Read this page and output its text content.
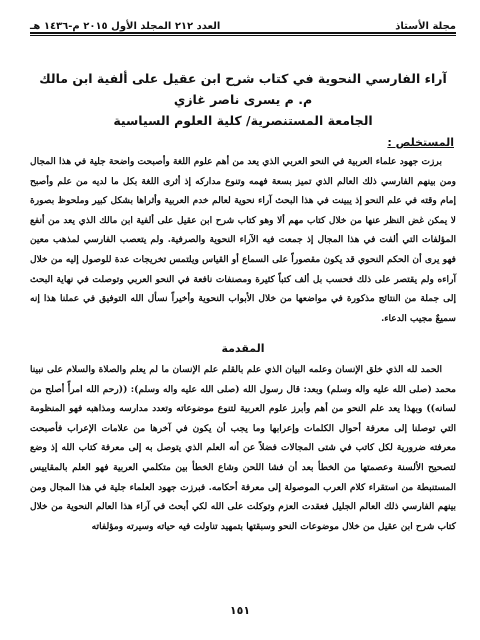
مجلة الأستاذ
العدد ٢١٢ المجلد الأول ٢٠١٥ م-١٤٣٦ هـ

آراء الفارسي النحوية في كتاب شرح ابن عقيل على ألفية ابن مالك

م. م يسرى ناصر غازي

الجامعة المستنصرية/ كلية العلوم السياسية

المستخلص :

برزت جهود علماء العربية في النحو العربي الذي يعد من أهم علوم اللغة وأصبحت واضحة جلية في هذا المجال ومن بينهم الفارسي ذلك العالم الذي تميز بسعة فهمه وتنوع مداركه إذ أثرى اللغة بكل ما لديه من علم وأصبح إمام وقته في علم النحو إذ يبينت في هذا البحث آراء نحوية لعالم خدم العربية وأثراها بشكل كبير وملحوظ بصورة لا يمكن غض النظر عنها من خلال كتاب مهم ألا وهو كتاب شرح ابن عقيل على ألفية ابن مالك الذي يعد من أنفع المؤلفات التي ألفت في هذا المجال إذ جمعت فيه الآراء النحوية والصرفية. ولم يتعصب الفارسي لمذهب معين فهو يرى أن الحكم النحوي قد يكون مقصوراً على السماع أو القياس ويلتمس تخريجات عدة للوصول إليه من خلال آراءه ولم يقتصر على ذلك فحسب بل ألف كتباً كثيرة ومصنفات نافعة في النحو العربي وتوصلت في نهاية البحث إلى جملة من النتائج مذكورة في مواضعها من خلال الأبواب النحوية وأخيراً نسأل الله التوفيق في عملنا هذا إنه سميعٌ مجيب الدعاء.

المقدمة

الحمد لله الذي خلق الإنسان وعلمه البيان الذي علم بالقلم علم الإنسان ما لم يعلم والصلاة والسلام على نبينا محمد (صلى الله عليه واله وسلم) وبعد: قال رسول الله (صلى الله عليه واله وسلم): ((رحم الله امرأً أصلح من لسانه)) وبهذا يعد علم النحو من أهم وأبرز علوم العربية لتنوع موضوعاته وتعدد مدارسه ومذاهبه فهو المنظومة التي توصلنا إلى معرفة أحوال الكلمات وإعرابها وما يجب أن يكون في آخرها من علامات الإعراب فأصبحت معرفته ضرورية لكل كاتب في شتى المجالات فضلاً عن أنه العلم الذي يتوصل به إلى معرفة كتاب الله إذ وضع لتصحيح الألسنة وعصمتها من الخطأ بعد أن فشا اللحن وشاع الخطأ بين متكلمي العربية فهو العلم بالمقاييس المستنبطة من استقراء كلام العرب الموصولة إلى معرفة أحكامه. فبرزت جهود العلماء جلية في هذا المجال ومن بينهم الفارسي ذلك العالم الجليل فعقدت العزم وتوكلت على الله لكي أبحث في آراء هذا العالم النحوية من خلال كتاب شرح ابن عقيل من خلال موضوعات النحو وسبقتها بتمهيد تناولت فيه حياته وسيرته ومؤلفاته

١٥١
